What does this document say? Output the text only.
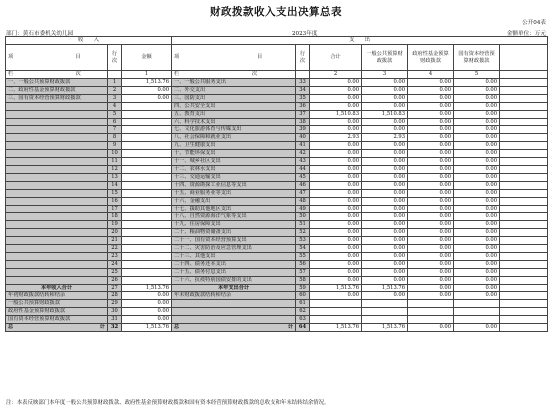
财政拨款收入支出决算总表
公开04表
部门：黄石市委机关幼儿园	2023年度	金额单位：万元
收　　入			支　　出						
项　　　　　　　　　　　　目	行次	金额	项　　　　　　　　　　　　　　　目	行次	合计	一般公共预算财政拨款	政府性基金预算财政拨款	国有资本经营预算财政拨款	
栏　　　　　　　　　　　　次		1	栏　　　　　　　　　　　　　　次		2	3	4	5	
一、一般公共预算财政拨款	1	1,513.76	一、一般公共服务支出	33	0.00	0.00	0.00	0.00	
二、政府性基金预算财政拨款	2	0.00	二、外交支出	34	0.00	0.00	0.00	0.00	
三、国有资本经营预算财政拨款	3	0.00	三、国防支出	35	0.00	0.00	0.00	0.00	
	4		四、公共安全支出	36	0.00	0.00	0.00	0.00	
	5		五、教育支出	37	1,510.83	1,510.83	0.00	0.00	
	6		六、科学技术支出	38	0.00	0.00	0.00	0.00	
	7		七、文化旅游体育与传媒支出	39	0.00	0.00	0.00	0.00	
	8		八、社会保障和就业支出	40	2.93	2.93	0.00	0.00	
	9		九、卫生健康支出	41	0.00	0.00	0.00	0.00	
	10		十、节能环保支出	42	0.00	0.00	0.00	0.00	
	11		十一、城乡社区支出	43	0.00	0.00	0.00	0.00	
	12		十二、农林水支出	44	0.00	0.00	0.00	0.00	
	13		十三、交通运输支出	45	0.00	0.00	0.00	0.00	
	14		十四、资源勘探工业信息等支出	46	0.00	0.00	0.00	0.00	
	15		十五、商业服务业等支出	47	0.00	0.00	0.00	0.00	
	16		十六、金融支出	48	0.00	0.00	0.00	0.00	
	17		十七、援助其他地区支出	49	0.00	0.00	0.00	0.00	
	18		十八、自然资源海洋气象等支出	50	0.00	0.00	0.00	0.00	
	19		十九、住房保障支出	51	0.00	0.00	0.00	0.00	
	20		二十、粮油物资储备支出	52	0.00	0.00	0.00	0.00	
	21		二十一、国有资本经营预算支出	53	0.00	0.00	0.00	0.00	
	22		二十二、灾害防治及应急管理支出	54	0.00	0.00	0.00	0.00	
	23		二十三、其他支出	55	0.00	0.00	0.00	0.00	
	24		二十四、债务还本支出	56	0.00	0.00	0.00	0.00	
	25		二十五、债务付息支出	57	0.00	0.00	0.00	0.00	
	26		二十六、抗疫特别国债安排的支出	58	0.00	0.00	0.00	0.00	
本年收入合计	27	1,513.76	本年支出合计	59	1,513.76	1,513.76	0.00	0.00	
年初财政拨款结转和结余	28	0.00	年末财政拨款结转和结余	60	0.00	0.00	0.00	0.00	
一般公共预算财政拨款	29	0.00		61					
政府性基金预算财政拨款	30	0.00		62					
国有资本经营预算财政拨款	31	0.00		63					
总 计	32	1,513.76	总 计	64	1,513.76	1,513.76	0.00	0.00	
注：本表反映部门本年度一般公共预算财政拨款、政府性基金预算财政拨款和国有资本经营预算财政拨款的总收支和年末结转结余情况。
